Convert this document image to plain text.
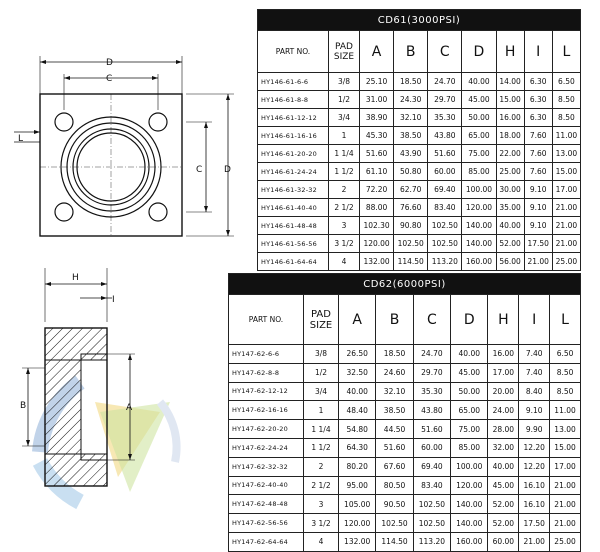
D
C
L
C D
H
I
B	A
CD61(3000PSI)								
PART NO.	PAD SIZE	A	B	C	D	H	I	L
HY146-61-6-6	3/8	25.10	18.50	24.70	40.00	14.00	6.30	6.50
HY146-61-8-8	1/2	31.00	24.30	29.70	45.00	15.00	6.30	8.50
HY146-61-12-12	3/4	38.90	32.10	35.30	50.00	16.00	6.30	8.50
HY146-61-16-16	1	45.30	38.50	43.80	65.00	18.00	7.60	11.00
HY146-61-20-20	1 1/4	51.60	43.90	51.60	75.00	22.00	7.60	13.00
HY146-61-24-24	1 1/2	61.10	50.80	60.00	85.00	25.00	7.60	15.00
HY146-61-32-32	2	72.20	62.70	69.40	100.00	30.00	9.10	17.00
HY146-61-40-40	2 1/2	88.00	76.60	83.40	120.00	35.00	9.10	21.00
HY146-61-48-48	3	102.30	90.80	102.50	140.00	40.00	9.10	21.00
HY146-61-56-56	3 1/2	120.00	102.50	102.50	140.00	52.00	17.50	21.00
HY146-61-64-64	4	132.00	114.50	113.20	160.00	56.00	21.00	25.00
CD62(6000PSI)								
PART NO.	PAD SIZE	A	B	C	D	H	I	L
HY147-62-6-6	3/8	26.50	18.50	24.70	40.00	16.00	7.40	6.50
HY147-62-8-8	1/2	32.50	24.60	29.70	45.00	17.00	7.40	8.50
HY147-62-12-12	3/4	40.00	32.10	35.30	50.00	20.00	8.40	8.50
HY147-62-16-16	1	48.40	38.50	43.80	65.00	24.00	9.10	11.00
HY147-62-20-20	1 1/4	54.80	44.50	51.60	75.00	28.00	9.90	13.00
HY147-62-24-24	1 1/2	64.30	51.60	60.00	85.00	32.00	12.20	15.00
HY147-62-32-32	2	80.20	67.60	69.40	100.00	40.00	12.20	17.00
HY147-62-40-40	2 1/2	95.00	80.50	83.40	120.00	45.00	16.10	21.00
HY147-62-48-48	3	105.00	90.50	102.50	140.00	52.00	16.10	21.00
HY147-62-56-56	3 1/2	120.00	102.50	102.50	140.00	52.00	17.50	21.00
HY147-62-64-64	4	132.00	114.50	113.20	160.00	60.00	21.00	25.00
